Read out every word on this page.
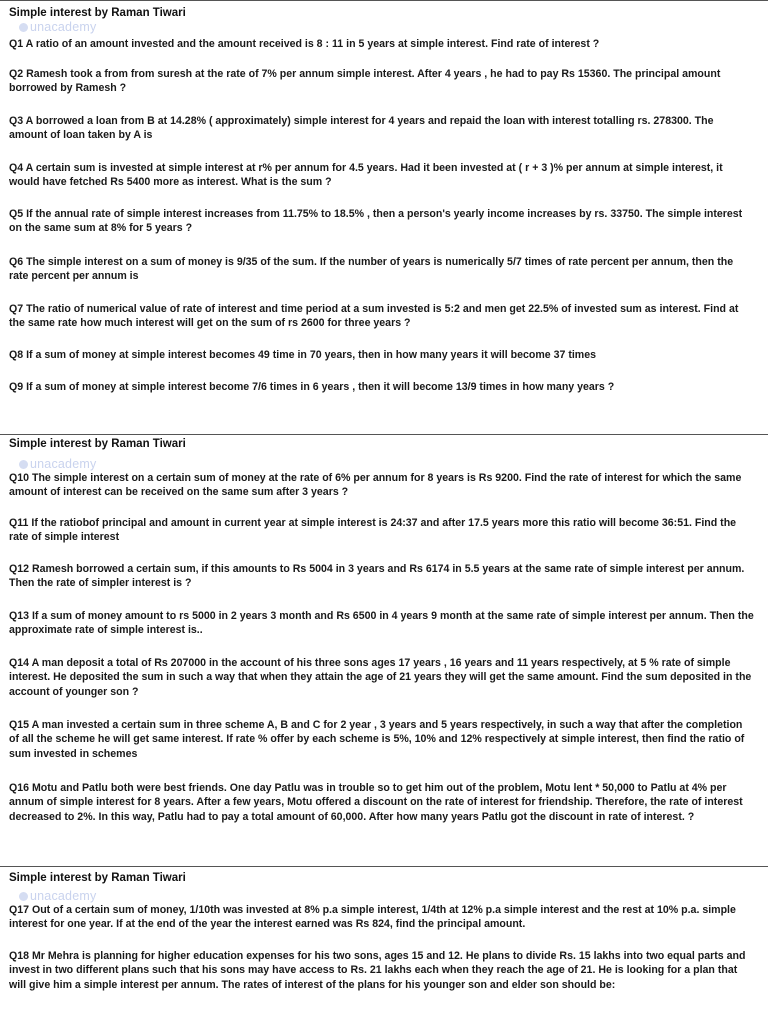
Simple interest by Raman Tiwari
unacademy

Q1 A ratio of an amount invested and the amount received is 8 : 11 in 5 years at simple interest. Find rate of interest ?

Q2 Ramesh took a from from suresh at the rate of 7% per annum simple interest. After 4 years , he had to pay Rs 15360. The principal amount borrowed by Ramesh ?

Q3 A borrowed a loan from B at 14.28% ( approximately) simple interest for 4 years and repaid the loan with interest totalling rs. 278300. The amount of loan taken by A is

Q4 A certain sum is invested at simple interest at r% per annum for 4.5 years. Had it been invested at ( r + 3 )% per annum at simple interest, it would have fetched Rs 5400 more as interest. What is the sum ?

Q5 If the annual rate of simple interest increases from 11.75% to 18.5% , then a person's yearly income increases by rs. 33750. The simple interest on the same sum at 8% for 5 years ?

Q6 The simple interest on a sum of money is 9/35 of the sum. If the number of years is numerically 5/7 times of rate percent per annum, then the rate percent per annum is

Q7 The ratio of numerical value of rate of interest and time period at a sum invested is 5:2 and men get 22.5% of invested sum as interest. Find at the same rate how much interest will get on the sum of rs 2600 for three years ?

Q8 If a sum of money at simple interest becomes 49 time in 70 years, then in how many years it will become 37 times

Q9 If a sum of money at simple interest become 7/6 times in 6 years , then it will become 13/9 times in how many years ?

Simple interest by Raman Tiwari
unacademy

Q10 The simple interest on a certain sum of money at the rate of 6% per annum for 8 years is Rs 9200. Find the rate of interest for which the same amount of interest can be received on the same sum after 3 years ?

Q11 If the ratiobof principal and amount in current year at simple interest is 24:37 and after 17.5 years more this ratio will become 36:51. Find the rate of simple interest

Q12 Ramesh borrowed a certain sum, if this amounts to Rs 5004 in 3 years and Rs 6174 in 5.5 years at the same rate of simple interest per annum. Then the rate of simpler interest is ?

Q13 If a sum of money amount to rs 5000 in 2 years 3 month and Rs 6500 in 4 years 9 month at the same rate of simple interest per annum. Then the approximate rate of simple interest is..

Q14 A man deposit a total of Rs 207000 in the account of his three sons ages 17 years , 16 years and 11 years respectively, at 5 % rate of simple interest. He deposited the sum in such a way that when they attain the age of 21 years they will get the same amount. Find the sum deposited in the account of younger son ?

Q15 A man invested a certain sum in three scheme A, B and C for 2 year , 3 years and 5 years respectively, in such a way that after the completion of all the scheme he will get same interest. If rate % offer by each scheme is 5%, 10% and 12% respectively at simple interest, then find the ratio of sum invested in schemes

Q16 Motu and Patlu both were best friends. One day Patlu was in trouble so to get him out of the problem, Motu lent * 50,000 to Patlu at 4% per annum of simple interest for 8 years. After a few years, Motu offered a discount on the rate of interest for friendship. Therefore, the rate of interest decreased to 2%. In this way, Patlu had to pay a total amount of 60,000. After how many years Patlu got the discount in rate of interest. ?

Simple interest by Raman Tiwari
unacademy

Q17 Out of a certain sum of money, 1/10th was invested at 8% p.a simple interest, 1/4th at 12% p.a simple interest and the rest at 10% p.a. simple interest for one year. If at the end of the year the interest earned was Rs 824, find the principal amount.

Q18 Mr Mehra is planning for higher education expenses for his two sons, ages 15 and 12. He plans to divide Rs. 15 lakhs into two equal parts and invest in two different plans such that his sons may have access to Rs. 21 lakhs each when they reach the age of 21. He is looking for a plan that will give him a simple interest per annum. The rates of interest of the plans for his younger son and elder son should be:
